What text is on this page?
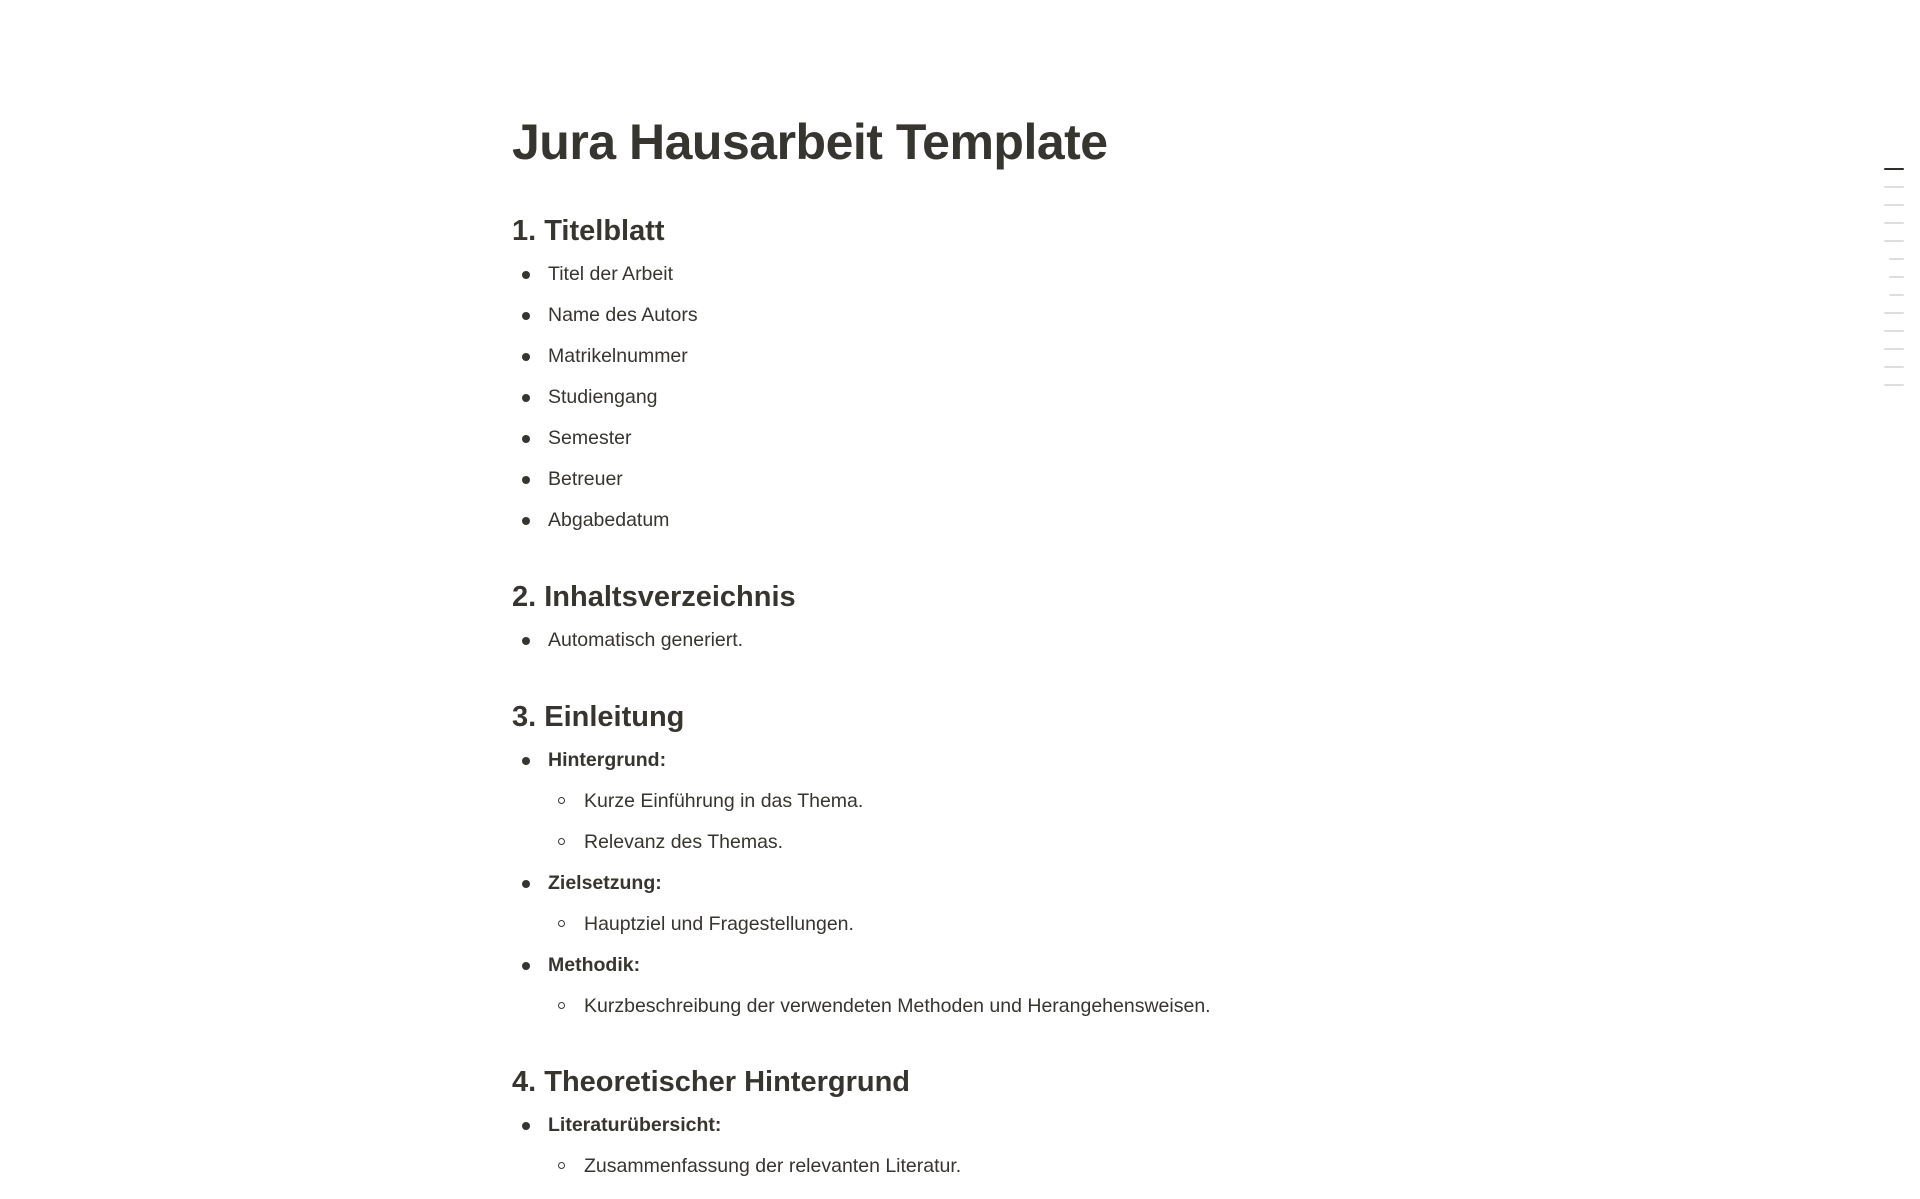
Jura Hausarbeit Template
1. Titelblatt
Titel der Arbeit
Name des Autors
Matrikelnummer
Studiengang
Semester
Betreuer
Abgabedatum
2. Inhaltsverzeichnis
Automatisch generiert.
3. Einleitung
Hintergrund:
Kurze Einführung in das Thema.
Relevanz des Themas.
Zielsetzung:
Hauptziel und Fragestellungen.
Methodik:
Kurzbeschreibung der verwendeten Methoden und Herangehensweisen.
4. Theoretischer Hintergrund
Literaturübersicht:
Zusammenfassung der relevanten Literatur.
